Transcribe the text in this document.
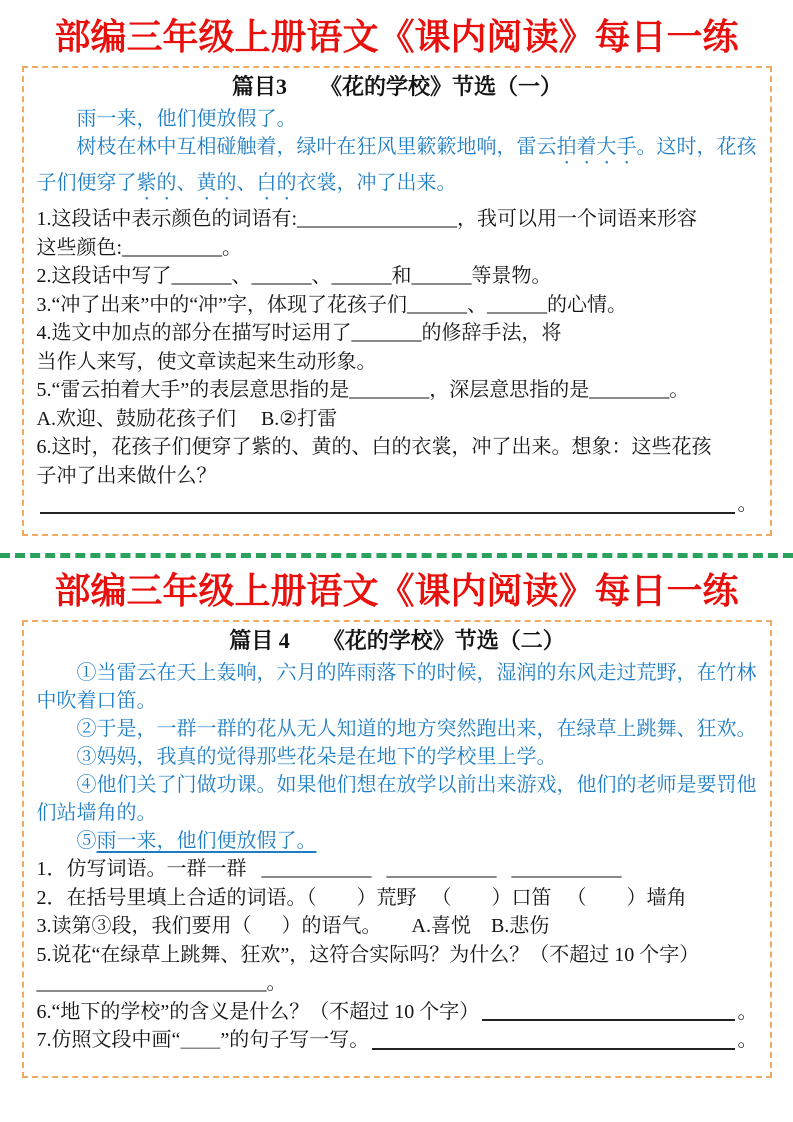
部编三年级上册语文《课内阅读》每日一练
篇目3　　《花的学校》节选（一）

雨一来，他们便放假了。

树枝在林中互相碰触着，绿叶在狂风里簌簌地响，雷云拍着大手。这时，花孩子们便穿了紫的、黄的、白的衣裳，冲了出来。

1.这段话中表示颜色的词语有:________________，我可以用一个词语来形容
这些颜色:__________。
2.这段话中写了______、______、______和______等景物。
3.“冲了出来”中的“冲”字，体现了花孩子们______、______的心情。
4.选文中加点的部分在描写时运用了_______的修辞手法，将
当作人来写，使文章读起来生动形象。
5.“雷云拍着大手”的表层意思指的是________，深层意思指的是________。
A.欢迎、鼓励花孩子们　 B.②打雷
6.这时，花孩子们便穿了紫的、黄的、白的衣裳，冲了出来。想象：这些花孩
子冲了出来做什么？
。
部编三年级上册语文《课内阅读》每日一练
篇目 4　　《花的学校》节选（二）

①当雷云在天上轰响，六月的阵雨落下的时候，湿润的东风走过荒野，在竹林中吹着口笛。

②于是，一群一群的花从无人知道的地方突然跑出来，在绿草上跳舞、狂欢。

③妈妈，我真的觉得那些花朵是在地下的学校里上学。

④他们关了门做功课。如果他们想在放学以前出来游戏，他们的老师是要罚他们站墙角的。

⑤雨一来，他们便放假了。

1．仿写词语。一群一群   ___________   ___________   ___________
2．在括号里填上合适的词语。（        ）荒野   （        ）口笛   （        ）墙角
3.读第③段，我们要用（      ）的语气。      A.喜悦    B.悲伤
5.说花“在绿草上跳舞、狂欢”，这符合实际吗？为什么？（不超过 10 个字）
_______________________。
6.“地下的学校”的含义是什么？（不超过 10 个字）	。
7.仿照文段中画“＿＿”的句子写一写。	。
